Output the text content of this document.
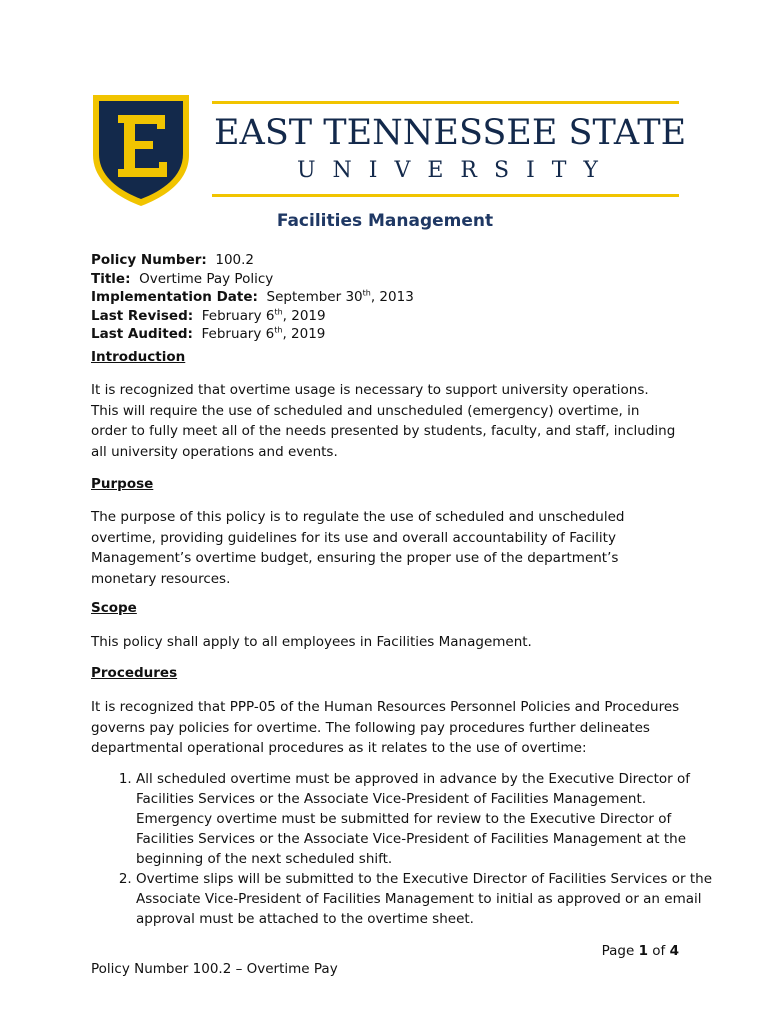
EAST TENNESSEE STATE
UNIVERSITY
Facilities Management
Policy Number: 100.2
Title: Overtime Pay Policy
Implementation Date: September 30th, 2013
Last Revised: February 6th, 2019
Last Audited: February 6th, 2019
Introduction
It is recognized that overtime usage is necessary to support university operations. This will require the use of scheduled and unscheduled (emergency) overtime, in order to fully meet all of the needs presented by students, faculty, and staff, including all university operations and events.
Purpose
The purpose of this policy is to regulate the use of scheduled and unscheduled overtime, providing guidelines for its use and overall accountability of Facility Management’s overtime budget, ensuring the proper use of the department’s monetary resources.
Scope
This policy shall apply to all employees in Facilities Management.
Procedures
It is recognized that PPP-05 of the Human Resources Personnel Policies and Procedures governs pay policies for overtime. The following pay procedures further delineates departmental operational procedures as it relates to the use of overtime:
1. All scheduled overtime must be approved in advance by the Executive Director of Facilities Services or the Associate Vice-President of Facilities Management. Emergency overtime must be submitted for review to the Executive Director of Facilities Services or the Associate Vice-President of Facilities Management at the beginning of the next scheduled shift.
2. Overtime slips will be submitted to the Executive Director of Facilities Services or the Associate Vice-President of Facilities Management to initial as approved or an email approval must be attached to the overtime sheet.
Page 1 of 4
Policy Number 100.2 – Overtime Pay
